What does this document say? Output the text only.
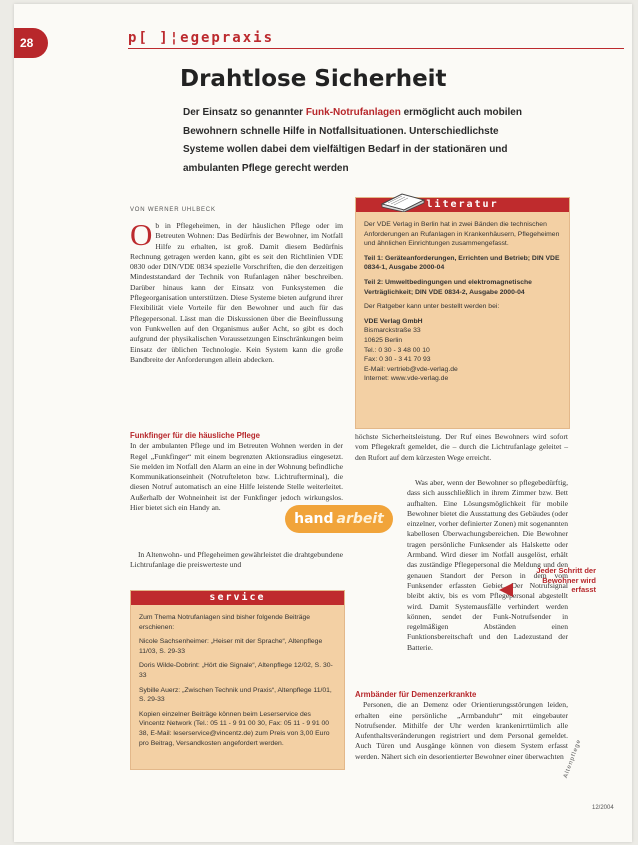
28	p[ ]¦egepraxis
Drahtlose Sicherheit
Der Einsatz so genannter Funk-Notrufanlagen ermöglicht auch mobilen Bewohnern schnelle Hilfe in Notfallsituationen. Unterschiedlichste Systeme wollen dabei dem vielfältigen Bedarf in der stationären und ambulanten Pflege gerecht werden
VON WERNER UHLBECK
O b in Pflegeheimen, in der häuslichen Pflege oder im Betreuten Wohnen: Das Bedürfnis der Bewohner, im Notfall Hilfe zu erhalten, ist groß. Damit diesem Bedürfnis Rechnung getragen werden kann, gibt es seit den Richtlinien VDE 0830 oder DIN/VDE 0834 spezielle Vorschriften, die den derzeitigen Mindeststandard der Technik von Rufanlagen näher beschreiben. Darüber hinaus kann der Einsatz von Funksystemen die Pflegeorganisation unterstützen. Diese Systeme bieten aufgrund ihrer Flexibilität viele Vorteile für den Bewohner und auch für das Pflegepersonal. Lässt man die Diskussionen über die Beeinflussung von Funkwellen auf den Organismus außer Acht, so gibt es doch aufgrund der physikalischen Voraussetzungen Einschränkungen beim Einsatz der üblichen Technologie. Kein System kann die große Bandbreite der Anforderungen allein abdecken.

Funkfinger für die häusliche Pflege

In der ambulanten Pflege und im Betreuten Wohnen werden in der Regel „Funkfinger“ mit einem begrenzten Aktionsradius eingesetzt. Sie melden im Notfall den Alarm an eine in der Wohnung befindliche Kommunikationseinheit (Notrufteleton bzw. Lichtrufterminal), die diesen Notruf automatisch an eine Hilfe leistende Stelle weiterleitet. Außerhalb der Wohneinheit ist der Funkfinger jedoch wirkungslos. Hier bietet sich ein Handy an.

In Altenwohn- und Pflegeheimen gewährleistet die drahtgebundene Lichtrufanlage die preiswerteste und

service

Zum Thema Notrufanlagen sind bisher folgende Beiträge erschienen:

Nicole Sachsenheimer: „Heiser mit der Sprache“, Altenpflege 11/03, S. 29-33

Doris Wilde-Dobrint: „Hört die Signale“, Altenpflege 12/02, S. 30-33

Sybille Auerz: „Zwischen Technik und Praxis“, Altenpflege 11/01, S. 29-33

Kopien einzelner Beiträge können beim Leserservice des Vincentz Network (Tel.: 05 11 - 9 91 00 30, Fax: 05 11 - 9 91 00 38, E-Mail: leserservice@vincentz.de) zum Preis von 3,00 Euro pro Beitrag, Versandkosten angefordert werden.

literatur

Der VDE Verlag in Berlin hat in zwei Bänden die technischen Anforderungen an Rufanlagen in Krankenhäusern, Pflegeheimen und ähnlichen Einrichtungen zusammengefasst.

Teil 1: Geräteanforderungen, Errichten und Betrieb; DIN VDE 0834-1, Ausgabe 2000-04

Teil 2: Umweltbedingungen und elektromagnetische Verträglichkeit; DIN VDE 0834-2, Ausgabe 2000-04

Der Ratgeber kann unter bestellt werden bei:

VDE Verlag GmbH
Bismarckstraße 33
10625 Berlin
Tel.: 0 30 - 3 48 00 10
Fax: 0 30 - 3 41 70 93
E-Mail: vertrieb@vde-verlag.de
Internet: www.vde-verlag.de

höchste Sicherheitsleistung. Der Ruf eines Bewohners wird sofort vom Pflegekraft gemeldet, die – durch die Lichtrufanlage geleitet – den Rufort auf dem kürzesten Wege erreicht.

Was aber, wenn der Bewohner so pflegebedürftig, dass sich ausschließlich in ihrem Zimmer bzw. Bett aufhalten. Eine Lösungsmöglichkeit für mobile Bewohner bietet die Ausstattung des Gebäudes (oder einzelner, vorher definierter Zonen) mit sogenannten kabellosen Überwachungsbereichen. Die Bewohner tragen persönliche Funksender als Halskette oder Armband. Wird dieser im Notfall ausgelöst, erhält das zuständige Pflegepersonal die Meldung und den genauen Standort der Person in dem vom Funksender erfassten Gebiet. Der Notrufsignal bleibt aktiv, bis es vom Pflegepersonal abgestellt wird. Damit Systemausfälle verhindert werden können, sendet der Funk-Notrufsender in regelmäßigen Abständen einen Funktionsbereitschaft und den Ladezustand der Batterie.

Armbänder für Demenzerkrankte

Personen, die an Demenz oder Orientierungsstörungen leiden, erhalten eine persönliche „Armbanduhr“ mit eingebauter Notrufsender. Mithilfe der Uhr werden krankenirrtümlich alle Aufenthaltsveränderungen registriert und dem Personal gemeldet. Auch Türen und Ausgänge können von diesem System erfasst werden. Nähert sich ein desorientierter Bewohner einer überwachten

hand arbeit
Jeder Schritt der Bewohner wird erfasst
Altenpflege
12/2004
